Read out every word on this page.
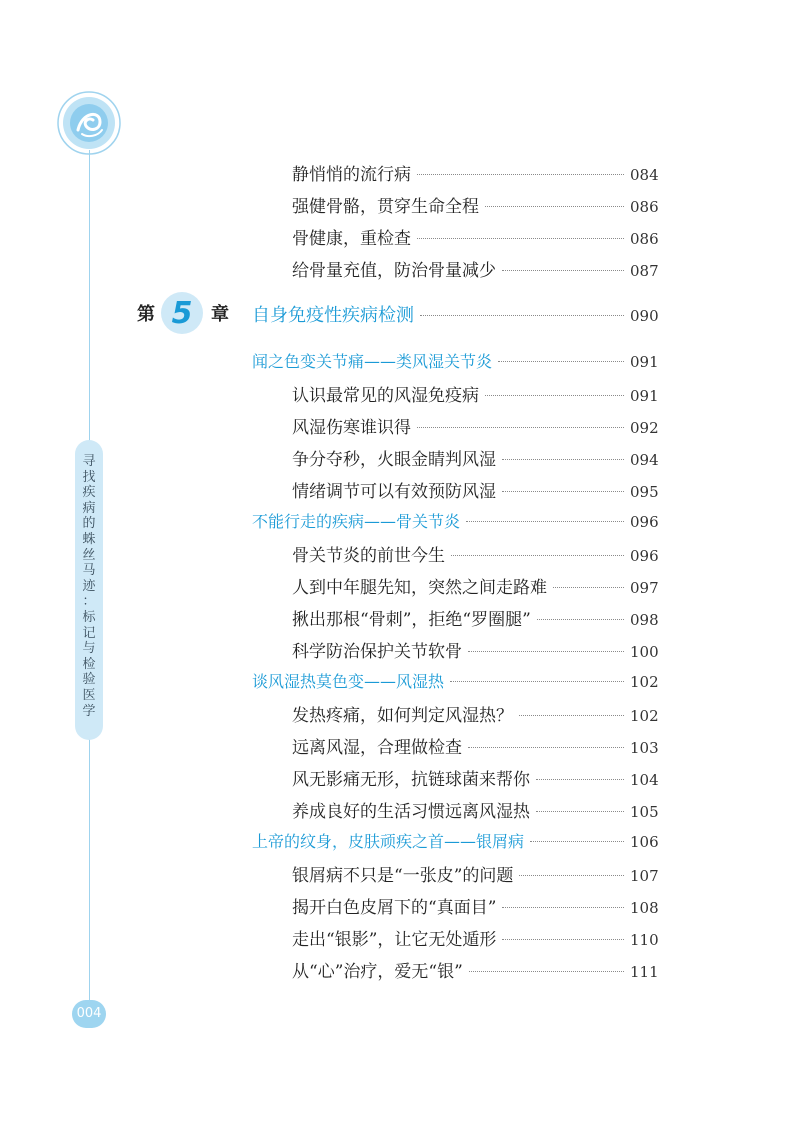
寻
找
疾
病
的
蛛
丝
马
迹
：
标
记
与
检
验
医
学
004
第 5 章
静悄悄的流行病	084
强健骨骼，贯穿生命全程	086
骨健康，重检查	086
给骨量充值，防治骨量减少	087
自身免疫性疾病检测	090
闻之色变关节痛——类风湿关节炎	091
认识最常见的风湿免疫病	091
风湿伤寒谁识得	092
争分夺秒，火眼金睛判风湿	094
情绪调节可以有效预防风湿	095
不能行走的疾病——骨关节炎	096
骨关节炎的前世今生	096
人到中年腿先知，突然之间走路难	097
揪出那根“骨刺”，拒绝“罗圈腿”	098
科学防治保护关节软骨	100
谈风湿热莫色变——风湿热	102
发热疼痛，如何判定风湿热？	102
远离风湿，合理做检查	103
风无影痛无形，抗链球菌来帮你	104
养成良好的生活习惯远离风湿热	105
上帝的纹身，皮肤顽疾之首——银屑病	106
银屑病不只是“一张皮”的问题	107
揭开白色皮屑下的“真面目”	108
走出“银影”，让它无处遁形	110
从“心”治疗，爱无“银”	111
